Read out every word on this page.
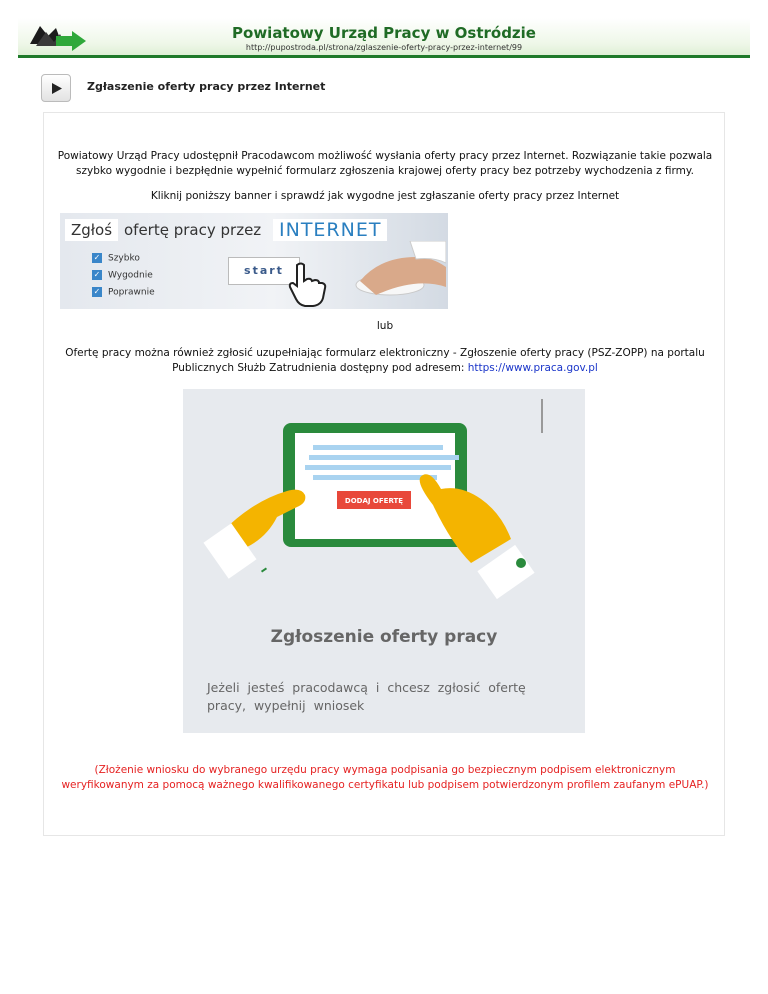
Powiatowy Urząd Pracy w Ostródzie
http://pupostroda.pl/strona/zglaszenie-oferty-pracy-przez-internet/99
Zgłaszenie oferty pracy przez Internet

Powiatowy Urząd Pracy udostępnił Pracodawcom możliwość wysłania oferty pracy przez Internet. Rozwiązanie takie pozwala szybko wygodnie i bezpłędnie wypełnić formularz zgłoszenia krajowej oferty pracy bez potrzeby wychodzenia z firmy.

Kliknij poniższy banner i sprawdź jak wygodne jest zgłaszanie oferty pracy przez Internet

Zgłoś ofertę pracy przez INTERNET
✓ Szybko
✓ Wygodnie
✓ Poprawnie
start

lub

Ofertę pracy można również zgłosić uzupełniając formularz elektroniczny - Zgłoszenie oferty pracy (PSZ-ZOPP) na portalu Publicznych Służb Zatrudnienia dostępny pod adresem: https://www.praca.gov.pl

DODAJ OFERTĘ
Zgłoszenie oferty pracy
Jeżeli jesteś pracodawcą i chcesz zgłosić ofertę pracy, wypełnij wniosek

(Złożenie wniosku do wybranego urzędu pracy wymaga podpisania go bezpiecznym podpisem elektronicznym weryfikowanym za pomocą ważnego kwalifikowanego certyfikatu lub podpisem potwierdzonym profilem zaufanym ePUAP.)
